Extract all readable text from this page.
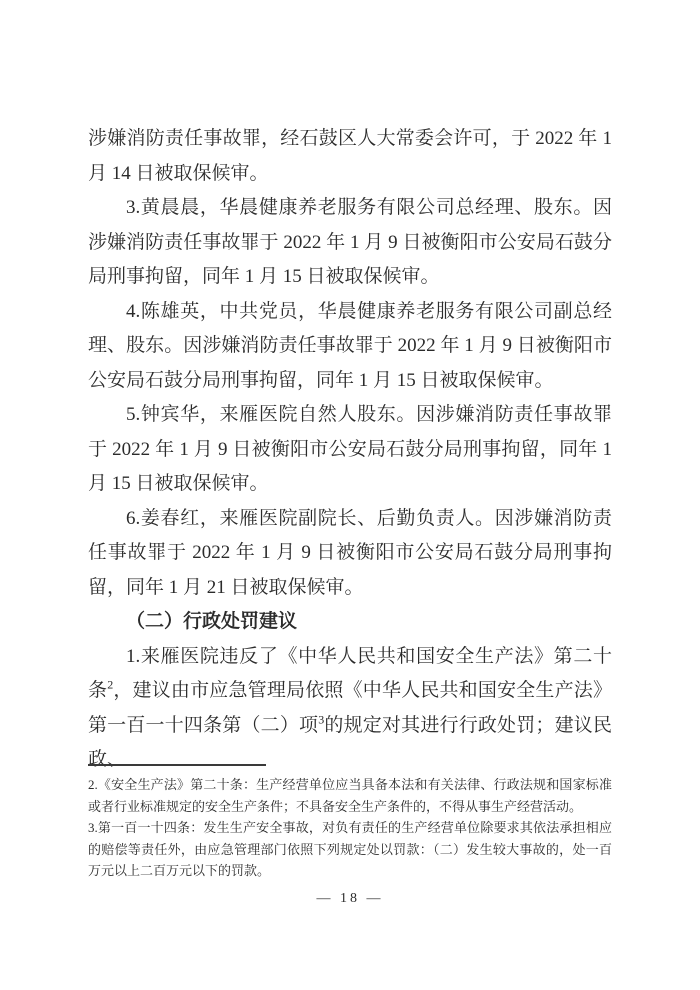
涉嫌消防责任事故罪，经石鼓区人大常委会许可，于 2022 年 1 月 14 日被取保候审。

3.黄晨晨，华晨健康养老服务有限公司总经理、股东。因涉嫌消防责任事故罪于 2022 年 1 月 9 日被衡阳市公安局石鼓分局刑事拘留，同年 1 月 15 日被取保候审。

4.陈雄英，中共党员，华晨健康养老服务有限公司副总经理、股东。因涉嫌消防责任事故罪于 2022 年 1 月 9 日被衡阳市公安局石鼓分局刑事拘留，同年 1 月 15 日被取保候审。

5.钟宾华，来雁医院自然人股东。因涉嫌消防责任事故罪于 2022 年 1 月 9 日被衡阳市公安局石鼓分局刑事拘留，同年 1 月 15 日被取保候审。

6.姜春红，来雁医院副院长、后勤负责人。因涉嫌消防责任事故罪于 2022 年 1 月 9 日被衡阳市公安局石鼓分局刑事拘留，同年 1 月 21 日被取保候审。

（二）行政处罚建议

1.来雁医院违反了《中华人民共和国安全生产法》第二十条$^2$，建议由市应急管理局依照《中华人民共和国安全生产法》第一百一十四条第（二）项$^3$的规定对其进行行政处罚；建议民政、

2.《安全生产法》第二十条：生产经营单位应当具备本法和有关法律、行政法规和国家标准或者行业标准规定的安全生产条件；不具备安全生产条件的，不得从事生产经营活动。

3.第一百一十四条：发生生产安全事故，对负有责任的生产经营单位除要求其依法承担相应的赔偿等责任外，由应急管理部门依照下列规定处以罚款：（二）发生较大事故的，处一百万元以上二百万元以下的罚款。

— 18 —
